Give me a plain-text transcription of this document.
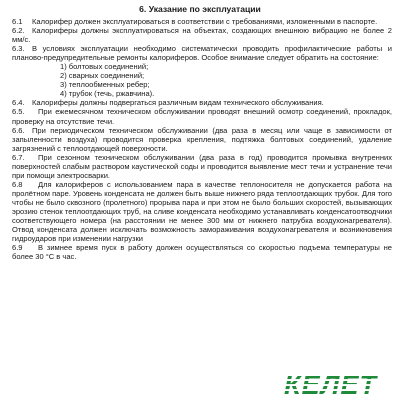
6. Указание по эксплуатации

6.1 Калорифер должен эксплуатироваться в соответствии с требованиями, изложенными в паспорте.

6.2. Калориферы должны эксплуатироваться на объектах, создающих внешнюю вибрацию не более 2 мм/с.

6.3. В условиях эксплуатации необходимо систематически проводить профилактические работы и планово-предупредительные ремонты калориферов. Особое внимание следует обратить на состояние:

1) болтовых соединений;

2) сварных соединений;

3) теплообменных ребер;

4) трубок (течь, ржавчина).

6.4. Калориферы должны подвергаться различным видам технического обслуживания.

6.5. При ежемесячном техническом обслуживании проводят внешний осмотр соединений, прокладок, проверку на отсутствие течи.

6.6. При периодическом техническом обслуживании (два раза в месяц или чаще в зависимости от запыленности воздуха) проводится проверка крепления, подтяжка болтовых соединений, удаление загрязнений с теплоотдающей поверхности.

6.7. При сезонном техническом обслуживании (два раза в год) проводится промывка внутренних поверхностей слабым раствором каустической соды и проводится выявление мест течи и устранение течи при помощи электросварки.

6.8 Для калориферов с использованием пара в качестве теплоносителя не допускается работа на пролётном паре. Уровень конденсата не должен быть выше нижнего ряда теплоотдающих трубок. Для того чтобы не было сквозного (пролетного) прорыва пара и при этом не было больших скоростей, вызывающих эрозию стенок теплоотдающих труб, на сливе конденсата необходимо устанавливать конденсатоотводчики соответствующего номера (на расстоянии не менее 300 мм от нижнего патрубка воздухонагревателя). Отвод конденсата должен исключать возможность замораживания воздухонагревателя и возникновения гидроударов при изменении нагрузки

6.9 В зимнее время пуск в работу должен осуществляться со скоростью подъема температуры не более 30 °C в час.

КЕЛЕТ
